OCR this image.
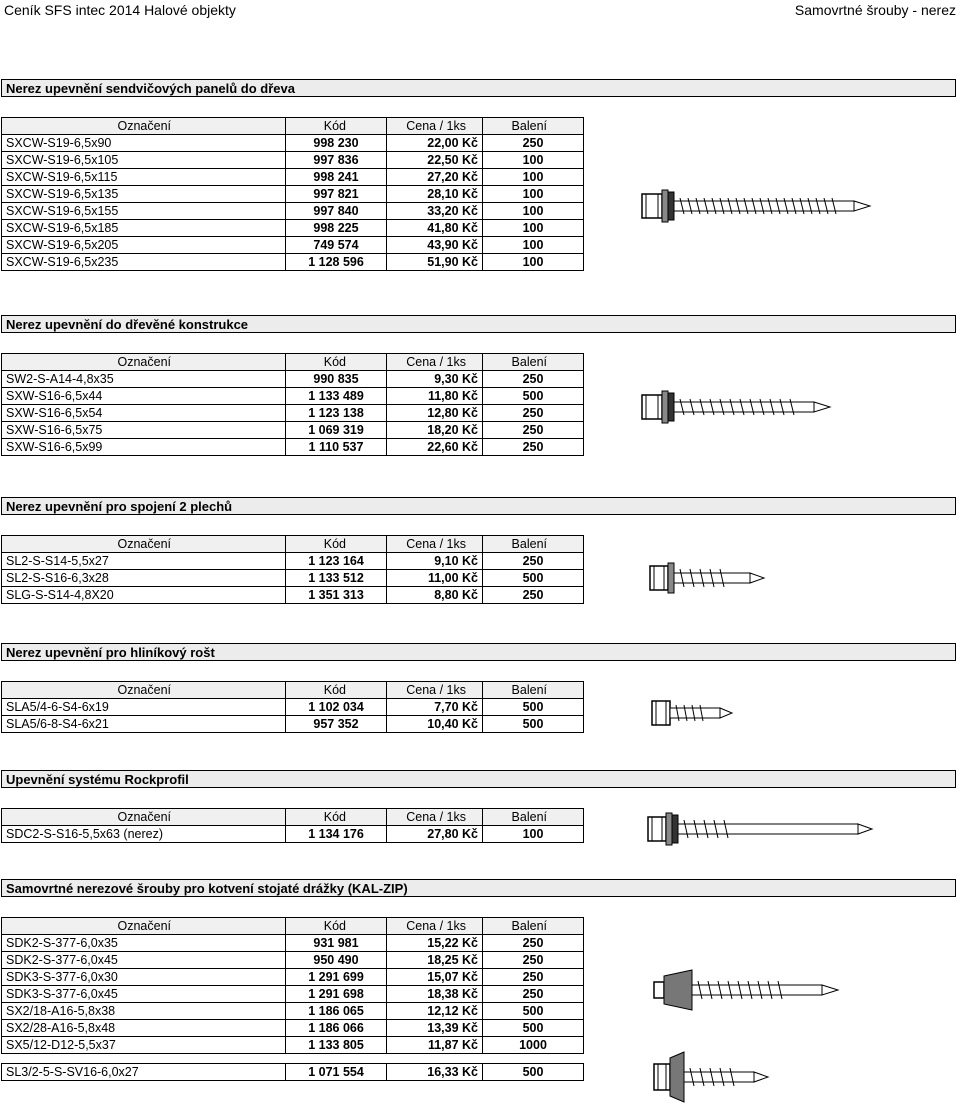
Ceník SFS intec 2014 Halové objekty	Samovrtné šrouby - nerez
Nerez upevnění sendvičových panelů do dřeva
Označení	Kód	Cena / 1ks	Balení
SXCW-S19-6,5x90	998 230	22,00 Kč	250
SXCW-S19-6,5x105	997 836	22,50 Kč	100
SXCW-S19-6,5x115	998 241	27,20 Kč	100
SXCW-S19-6,5x135	997 821	28,10 Kč	100
SXCW-S19-6,5x155	997 840	33,20 Kč	100
SXCW-S19-6,5x185	998 225	41,80 Kč	100
SXCW-S19-6,5x205	749 574	43,90 Kč	100
SXCW-S19-6,5x235	1 128 596	51,90 Kč	100
Nerez upevnění do dřevěné konstrukce
Označení	Kód	Cena / 1ks	Balení
SW2-S-A14-4,8x35	990 835	9,30 Kč	250
SXW-S16-6,5x44	1 133 489	11,80 Kč	500
SXW-S16-6,5x54	1 123 138	12,80 Kč	250
SXW-S16-6,5x75	1 069 319	18,20 Kč	250
SXW-S16-6,5x99	1 110 537	22,60 Kč	250
Nerez upevnění pro spojení 2 plechů
Označení	Kód	Cena / 1ks	Balení
SL2-S-S14-5,5x27	1 123 164	9,10 Kč	250
SL2-S-S16-6,3x28	1 133 512	11,00 Kč	500
SLG-S-S14-4,8X20	1 351 313	8,80 Kč	250
Nerez upevnění pro hliníkový rošt
Označení	Kód	Cena / 1ks	Balení
SLA5/4-6-S4-6x19	1 102 034	7,70 Kč	500
SLA5/6-8-S4-6x21	957 352	10,40 Kč	500
Upevnění systému Rockprofil
Označení	Kód	Cena / 1ks	Balení
SDC2-S-S16-5,5x63 (nerez)	1 134 176	27,80 Kč	100
Samovrtné nerezové šrouby pro kotvení stojaté drážky (KAL-ZIP)
Označení	Kód	Cena / 1ks	Balení
SDK2-S-377-6,0x35	931 981	15,22 Kč	250
SDK2-S-377-6,0x45	950 490	18,25 Kč	250
SDK3-S-377-6,0x30	1 291 699	15,07 Kč	250
SDK3-S-377-6,0x45	1 291 698	18,38 Kč	250
SX2/18-A16-5,8x38	1 186 065	12,12 Kč	500
SX2/28-A16-5,8x48	1 186 066	13,39 Kč	500
SX5/12-D12-5,5x37	1 133 805	11,87 Kč	1000

SL3/2-5-S-SV16-6,0x27	1 071 554	16,33 Kč	500
